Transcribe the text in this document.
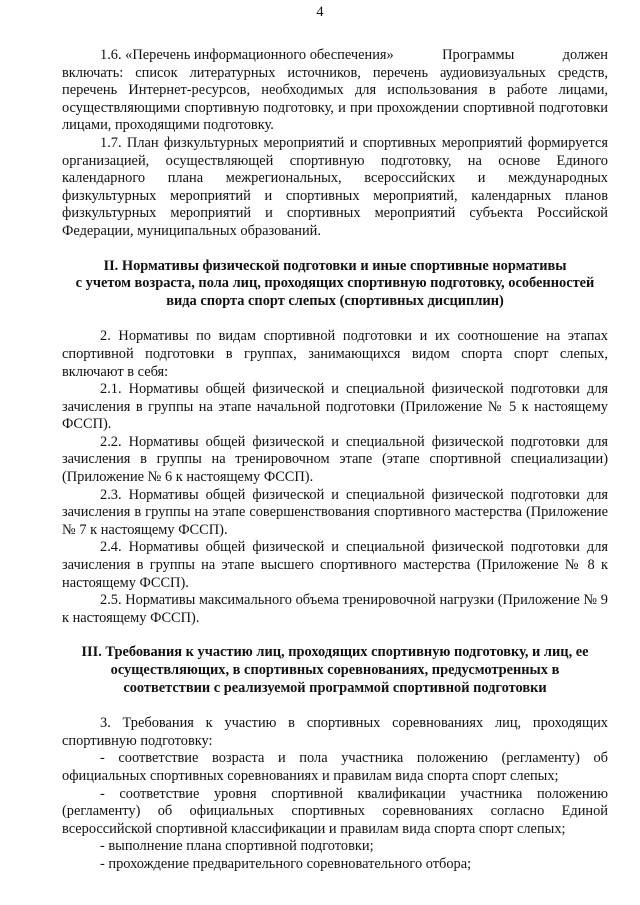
4
1.6. «Перечень информационного обеспечения»	Программы	должен

включать: список литературных источников, перечень аудиовизуальных средств, перечень Интернет-ресурсов, необходимых для использования в работе лицами, осуществляющими спортивную подготовку, и при прохождении спортивной подготовки лицами, проходящими подготовку.

1.7. План физкультурных мероприятий и спортивных мероприятий формируется организацией, осуществляющей спортивную подготовку, на основе Единого календарного плана межрегиональных, всероссийских и международных физкультурных мероприятий и спортивных мероприятий, календарных планов физкультурных мероприятий и спортивных мероприятий субъекта Российской Федерации, муниципальных образований.

II. Нормативы физической подготовки и иные спортивные нормативы
с учетом возраста, пола лиц, проходящих спортивную подготовку, особенностей
вида спорта спорт слепых (спортивных дисциплин)

2. Нормативы по видам спортивной подготовки и их соотношение на этапах спортивной подготовки в группах, занимающихся видом спорта спорт слепых, включают в себя:

2.1. Нормативы общей физической и специальной физической подготовки для зачисления в группы на этапе начальной подготовки (Приложение № 5 к настоящему ФССП).

2.2. Нормативы общей физической и специальной физической подготовки для зачисления в группы на тренировочном этапе (этапе спортивной специализации) (Приложение № 6 к настоящему ФССП).

2.3. Нормативы общей физической и специальной физической подготовки для зачисления в группы на этапе совершенствования спортивного мастерства (Приложение № 7 к настоящему ФССП).

2.4. Нормативы общей физической и специальной физической подготовки для зачисления в группы на этапе высшего спортивного мастерства (Приложение № 8 к настоящему ФССП).

2.5. Нормативы максимального объема тренировочной нагрузки (Приложение № 9 к настоящему ФССП).

III. Требования к участию лиц, проходящих спортивную подготовку, и лиц, ее
осуществляющих, в спортивных соревнованиях, предусмотренных в
соответствии с реализуемой программой спортивной подготовки

3. Требования к участию в спортивных соревнованиях лиц, проходящих спортивную подготовку:

- соответствие возраста и пола участника положению (регламенту) об официальных спортивных соревнованиях и правилам вида спорта спорт слепых;

- соответствие уровня спортивной квалификации участника положению (регламенту) об официальных спортивных соревнованиях согласно Единой всероссийской спортивной классификации и правилам вида спорта спорт слепых;

- выполнение плана спортивной подготовки;

- прохождение предварительного соревновательного отбора;
